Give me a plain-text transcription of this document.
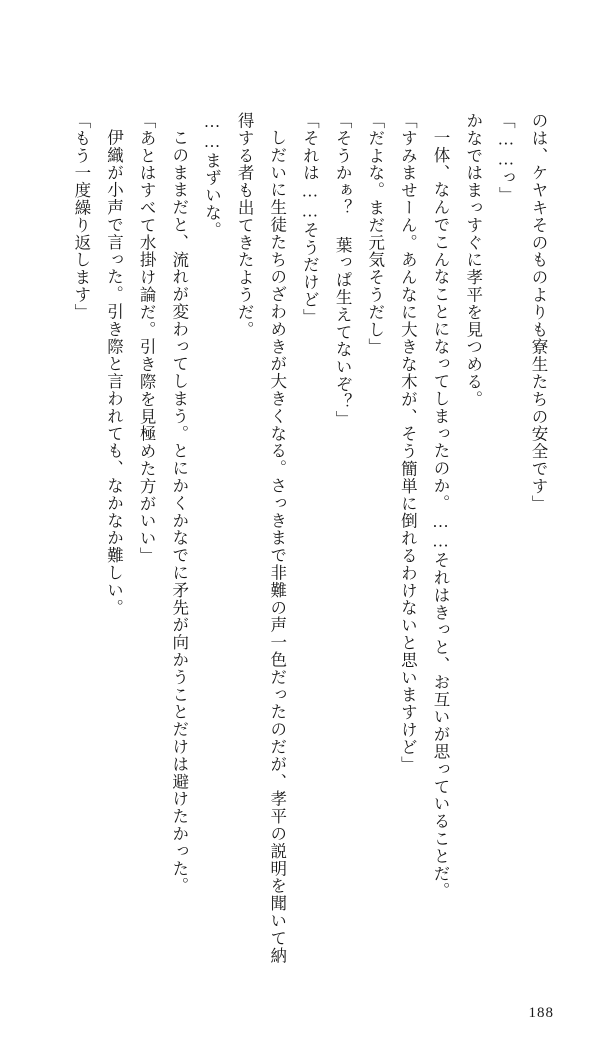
のは、ケヤキそのものよりも寮生たちの安全です」

「……っ」

かなではまっすぐに孝平を見つめる。

一体、なんでこんなことになってしまったのか。……それはきっと、お互いが思っていることだ。

「すみませーん。あんなに大きな木が、そう簡単に倒れるわけないと思いますけど」

「だよな。まだ元気そうだし」

「そうかぁ？ 葉っぱ生えてないぞ？」

「それは……そうだけど」

しだいに生徒たちのざわめきが大きくなる。さっきまで非難の声一色だったのだが、孝平の説明を聞いて納得する者も出てきたようだ。

……まずいな。

このままだと、流れが変わってしまう。とにかくかなでに矛先が向かうことだけは避けたかった。

「あとはすべて水掛け論だ。引き際を見極めた方がいい」

伊織が小声で言った。引き際と言われても、なかなか難しい。

「もう一度繰り返します」

188
